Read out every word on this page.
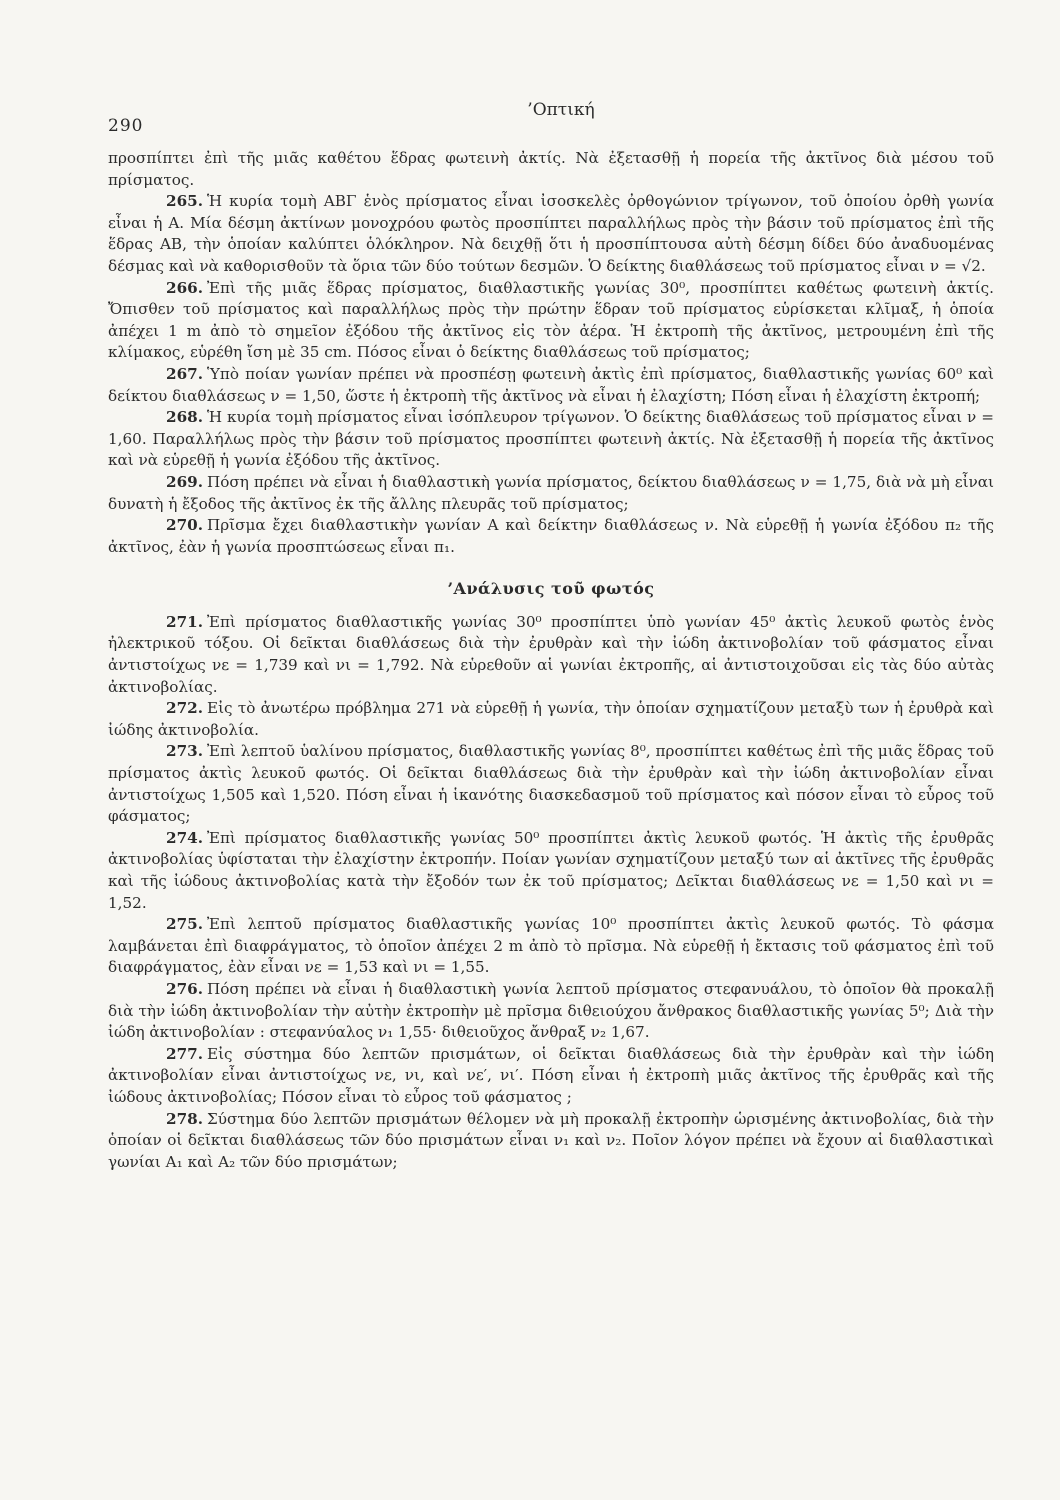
290
’Οπτική

προσπίπτει ἐπὶ τῆς μιᾶς καθέτου ἕδρας φωτεινὴ ἀκτίς. Νὰ ἐξετασθῇ ἡ πορεία τῆς ἀκτῖνος διὰ μέσου τοῦ πρίσματος.

265. Ἡ κυρία τομὴ ΑΒΓ ἑνὸς πρίσματος εἶναι ἰσοσκελὲς ὀρθογώνιον τρίγωνον, τοῦ ὁποίου ὀρθὴ γωνία εἶναι ἡ Α. Μία δέσμη ἀκτίνων μονοχρόου φωτὸς προσπίπτει παραλλήλως πρὸς τὴν βάσιν τοῦ πρίσματος ἐπὶ τῆς ἕδρας ΑΒ, τὴν ὁποίαν καλύπτει ὁλόκληρον. Νὰ δειχθῇ ὅτι ἡ προσπίπτουσα αὐτὴ δέσμη δίδει δύο ἀναδυομένας δέσμας καὶ νὰ καθορισθοῦν τὰ ὅρια τῶν δύο τούτων δεσμῶν. Ὁ δείκτης διαθλάσεως τοῦ πρίσματος εἶναι ν = √2.

266. Ἐπὶ τῆς μιᾶς ἕδρας πρίσματος, διαθλαστικῆς γωνίας 30⁰, προσπίπτει καθέτως φωτεινὴ ἀκτίς. Ὄπισθεν τοῦ πρίσματος καὶ παραλλήλως πρὸς τὴν πρώτην ἕδραν τοῦ πρίσματος εὑρίσκεται κλῖμαξ, ἡ ὁποία ἀπέχει 1 m ἀπὸ τὸ σημεῖον ἐξόδου τῆς ἀκτῖνος εἰς τὸν ἀέρα. Ἡ ἐκτροπὴ τῆς ἀκτῖνος, μετρουμένη ἐπὶ τῆς κλίμακος, εὑρέθη ἴση μὲ 35 cm. Πόσος εἶναι ὁ δείκτης διαθλάσεως τοῦ πρίσματος;

267. Ὑπὸ ποίαν γωνίαν πρέπει νὰ προσπέσῃ φωτεινὴ ἀκτὶς ἐπὶ πρίσματος, διαθλαστικῆς γωνίας 60⁰ καὶ δείκτου διαθλάσεως ν = 1,50, ὥστε ἡ ἐκτροπὴ τῆς ἀκτῖνος νὰ εἶναι ἡ ἐλαχίστη; Πόση εἶναι ἡ ἐλαχίστη ἐκτροπή;

268. Ἡ κυρία τομὴ πρίσματος εἶναι ἰσόπλευρον τρίγωνον. Ὁ δείκτης διαθλάσεως τοῦ πρίσματος εἶναι ν = 1,60. Παραλλήλως πρὸς τὴν βάσιν τοῦ πρίσματος προσπίπτει φωτεινὴ ἀκτίς. Νὰ ἐξετασθῇ ἡ πορεία τῆς ἀκτῖνος καὶ νὰ εὑρεθῇ ἡ γωνία ἐξόδου τῆς ἀκτῖνος.

269. Πόση πρέπει νὰ εἶναι ἡ διαθλαστικὴ γωνία πρίσματος, δείκτου διαθλάσεως ν = 1,75, διὰ νὰ μὴ εἶναι δυνατὴ ἡ ἔξοδος τῆς ἀκτῖνος ἐκ τῆς ἄλλης πλευρᾶς τοῦ πρίσματος;

270. Πρῖσμα ἔχει διαθλαστικὴν γωνίαν Α καὶ δείκτην διαθλάσεως ν. Νὰ εὑρεθῇ ἡ γωνία ἐξόδου π₂ τῆς ἀκτῖνος, ἐὰν ἡ γωνία προσπτώσεως εἶναι π₁.

’Ανάλυσις τοῦ φωτός

271. Ἐπὶ πρίσματος διαθλαστικῆς γωνίας 30⁰ προσπίπτει ὑπὸ γωνίαν 45⁰ ἀκτὶς λευκοῦ φωτὸς ἑνὸς ἠλεκτρικοῦ τόξου. Οἱ δεῖκται διαθλάσεως διὰ τὴν ἐρυθρὰν καὶ τὴν ἰώδη ἀκτινοβολίαν τοῦ φάσματος εἶναι ἀντιστοίχως νε = 1,739 καὶ νι = 1,792. Νὰ εὑρεθοῦν αἱ γωνίαι ἐκτροπῆς, αἱ ἀντιστοιχοῦσαι εἰς τὰς δύο αὐτὰς ἀκτινοβολίας.

272. Εἰς τὸ ἀνωτέρω πρόβλημα 271 νὰ εὑρεθῇ ἡ γωνία, τὴν ὁποίαν σχηματίζουν μεταξὺ των ἡ ἐρυθρὰ καὶ ἰώδης ἀκτινοβολία.

273. Ἐπὶ λεπτοῦ ὑαλίνου πρίσματος, διαθλαστικῆς γωνίας 8⁰, προσπίπτει καθέτως ἐπὶ τῆς μιᾶς ἕδρας τοῦ πρίσματος ἀκτὶς λευκοῦ φωτός. Οἱ δεῖκται διαθλάσεως διὰ τὴν ἐρυθρὰν καὶ τὴν ἰώδη ἀκτινοβολίαν εἶναι ἀντιστοίχως 1,505 καὶ 1,520. Πόση εἶναι ἡ ἱκανότης διασκεδασμοῦ τοῦ πρίσματος καὶ πόσον εἶναι τὸ εὖρος τοῦ φάσματος;

274. Ἐπὶ πρίσματος διαθλαστικῆς γωνίας 50⁰ προσπίπτει ἀκτὶς λευκοῦ φωτός. Ἡ ἀκτὶς τῆς ἐρυθρᾶς ἀκτινοβολίας ὑφίσταται τὴν ἐλαχίστην ἐκτροπήν. Ποίαν γωνίαν σχηματίζουν μεταξύ των αἱ ἀκτῖνες τῆς ἐρυθρᾶς καὶ τῆς ἰώδους ἀκτινοβολίας κατὰ τὴν ἔξοδόν των ἐκ τοῦ πρίσματος; Δεῖκται διαθλάσεως νε = 1,50 καὶ νι = 1,52.

275. Ἐπὶ λεπτοῦ πρίσματος διαθλαστικῆς γωνίας 10⁰ προσπίπτει ἀκτὶς λευκοῦ φωτός. Τὸ φάσμα λαμβάνεται ἐπὶ διαφράγματος, τὸ ὁποῖον ἀπέχει 2 m ἀπὸ τὸ πρῖσμα. Νὰ εὑρεθῇ ἡ ἔκτασις τοῦ φάσματος ἐπὶ τοῦ διαφράγματος, ἐὰν εἶναι νε = 1,53 καὶ νι = 1,55.

276. Πόση πρέπει νὰ εἶναι ἡ διαθλαστικὴ γωνία λεπτοῦ πρίσματος στεφανυάλου, τὸ ὁποῖον θὰ προκαλῇ διὰ τὴν ἰώδη ἀκτινοβολίαν τὴν αὐτὴν ἐκτροπὴν μὲ πρῖσμα διθειούχου ἄνθρακος διαθλαστικῆς γωνίας 5⁰; Διὰ τὴν ἰώδη ἀκτινοβολίαν : στεφανύαλος ν₁ 1,55· διθειοῦχος ἄνθραξ ν₂ 1,67.

277. Εἰς σύστημα δύο λεπτῶν πρισμάτων, οἱ δεῖκται διαθλάσεως διὰ τὴν ἐρυθρὰν καὶ τὴν ἰώδη ἀκτινοβολίαν εἶναι ἀντιστοίχως νε, νι, καὶ νε′, νι′. Πόση εἶναι ἡ ἐκτροπὴ μιᾶς ἀκτῖνος τῆς ἐρυθρᾶς καὶ τῆς ἰώδους ἀκτινοβολίας; Πόσον εἶναι τὸ εὖρος τοῦ φάσματος ;

278. Σύστημα δύο λεπτῶν πρισμάτων θέλομεν νὰ μὴ προκαλῇ ἐκτροπὴν ὡρισμένης ἀκτινοβολίας, διὰ τὴν ὁποίαν οἱ δεῖκται διαθλάσεως τῶν δύο πρισμάτων εἶναι ν₁ καὶ ν₂. Ποῖον λόγον πρέπει νὰ ἔχουν αἱ διαθλαστικαὶ γωνίαι Α₁ καὶ Α₂ τῶν δύο πρισμάτων;
